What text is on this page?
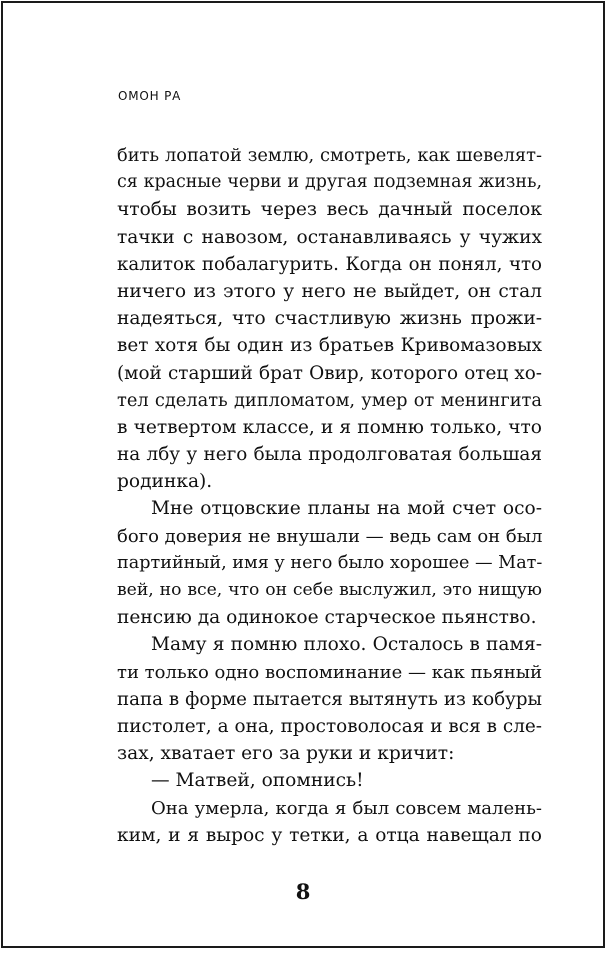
ОМОН РА
бить лопатой землю, смотреть, как шевелят-
ся красные черви и другая подземная жизнь,
чтобы возить через весь дачный поселок
тачки с навозом, останавливаясь у чужих
калиток побалагурить. Когда он понял, что
ничего из этого у него не выйдет, он стал
надеяться, что счастливую жизнь прожи-
вет хотя бы один из братьев Кривомазовых
(мой старший брат Овир, которого отец хо-
тел сделать дипломатом, умер от менингита
в четвертом классе, и я помню только, что
на лбу у него была продолговатая большая
родинка).
Мне отцовские планы на мой счет осо-
бого доверия не внушали — ведь сам он был
партийный, имя у него было хорошее — Мат-
вей, но все, что он себе выслужил, это нищую
пенсию да одинокое старческое пьянство.
Маму я помню плохо. Осталось в памя-
ти только одно воспоминание — как пьяный
папа в форме пытается вытянуть из кобуры
пистолет, а она, простоволосая и вся в сле-
зах, хватает его за руки и кричит:
— Матвей, опомнись!
Она умерла, когда я был совсем малень-
ким, и я вырос у тетки, а отца навещал по
8
